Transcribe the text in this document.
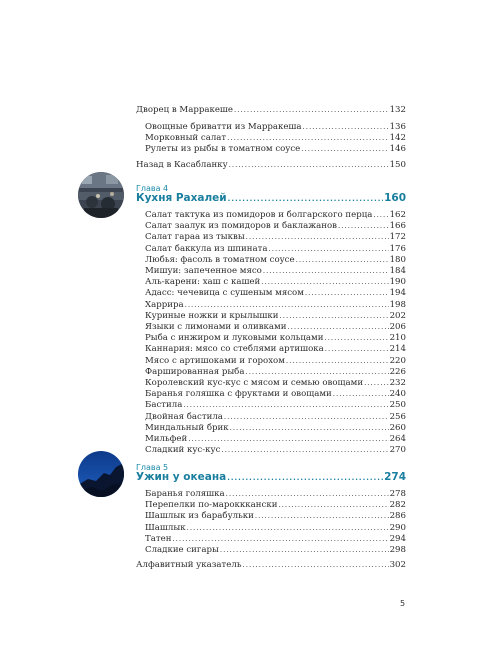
Дворец в Марракеше .....	132
Овощные бриватти из Марракеша .....	136
Морковный салат .....	142
Рулеты из рыбы в томатном соусе .....	146
Назад в Касабланку .....	150
Глава 4
Кухня Рахалей .....	160
Салат тактука из помидоров и болгарского перца ..... 162
Салат заалук из помидоров и баклажанов .....	166
Салат гараа из тыквы .....	172
Салат баккула из шпината .....	176
Любья: фасоль в томатном соусе .....	180
Мишуи: запеченное мясо .....	184
Аль-карени: хаш с кашей .....	190
Адасс: чечевица с сушеным мясом .....	194
Харрира .....	198
Куриные ножки и крылышки .....	202
Языки с лимонами и оливками .....	206
Рыба с инжиром и луковыми кольцами .....	210
Каннария: мясо со стеблями артишока .....	214
Мясо с артишоками и горохом .....	220
Фаршированная рыба .....	226
Королевский кус-кус с мясом и семью овощами .....	232
Баранья голяшка с фруктами и овощами .....	240
Бастила .....	250
Двойная бастила .....	256
Миндальный брик .....	260
Мильфей .....	264
Сладкий кус-кус .....	270
Глава 5
Ужин у океана .....	274
Баранья голяшка .....	278
Перепелки по-марокккански .....	282
Шашлык из барабульки .....	286
Шашлык .....	290
Татен .....	294
Сладкие сигары .....	298
Алфавитный указатель .....	302
5
